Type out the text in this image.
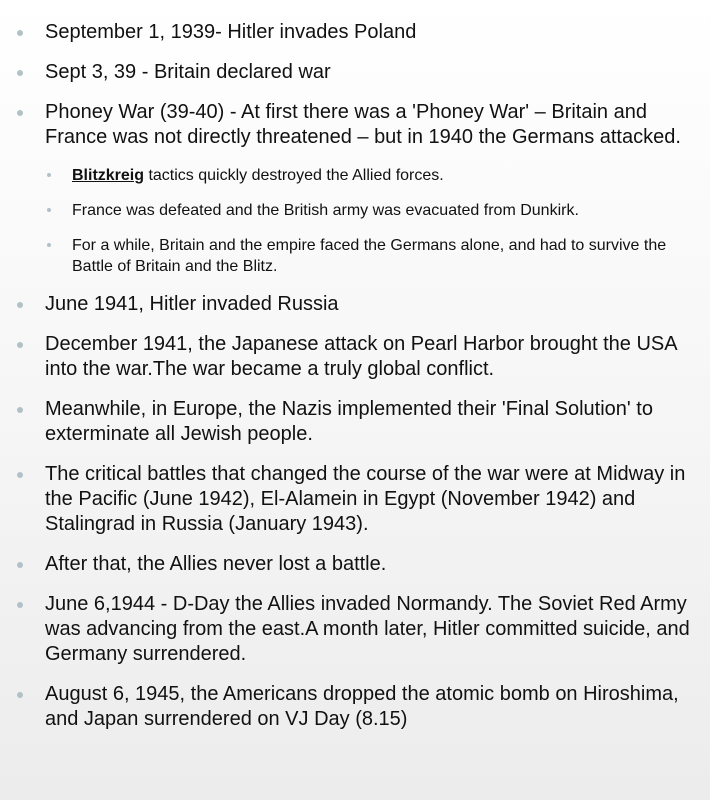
September 1, 1939- Hitler invades Poland
Sept 3, 39 - Britain declared war
Phoney War (39-40) - At first there was a 'Phoney War' – Britain and France was not directly threatened – but in 1940 the Germans attacked.
Blitzkreig tactics quickly destroyed the Allied forces.
France was defeated and the British army was evacuated from Dunkirk.
For a while, Britain and the empire faced the Germans alone, and had to survive the Battle of Britain and the Blitz.
June 1941, Hitler invaded Russia
December 1941, the Japanese attack on Pearl Harbor brought the USA into the war.The war became a truly global conflict.
Meanwhile, in Europe, the Nazis implemented their 'Final Solution' to exterminate all Jewish people.
The critical battles that changed the course of the war were at Midway in the Pacific (June 1942), El-Alamein in Egypt (November 1942) and Stalingrad in Russia (January 1943).
After that, the Allies never lost a battle.
June 6,1944 - D-Day the Allies invaded Normandy. The Soviet Red Army was advancing from the east.A month later, Hitler committed suicide, and Germany surrendered.
August 6, 1945, the Americans dropped the atomic bomb on Hiroshima, and Japan surrendered on VJ Day (8.15)
